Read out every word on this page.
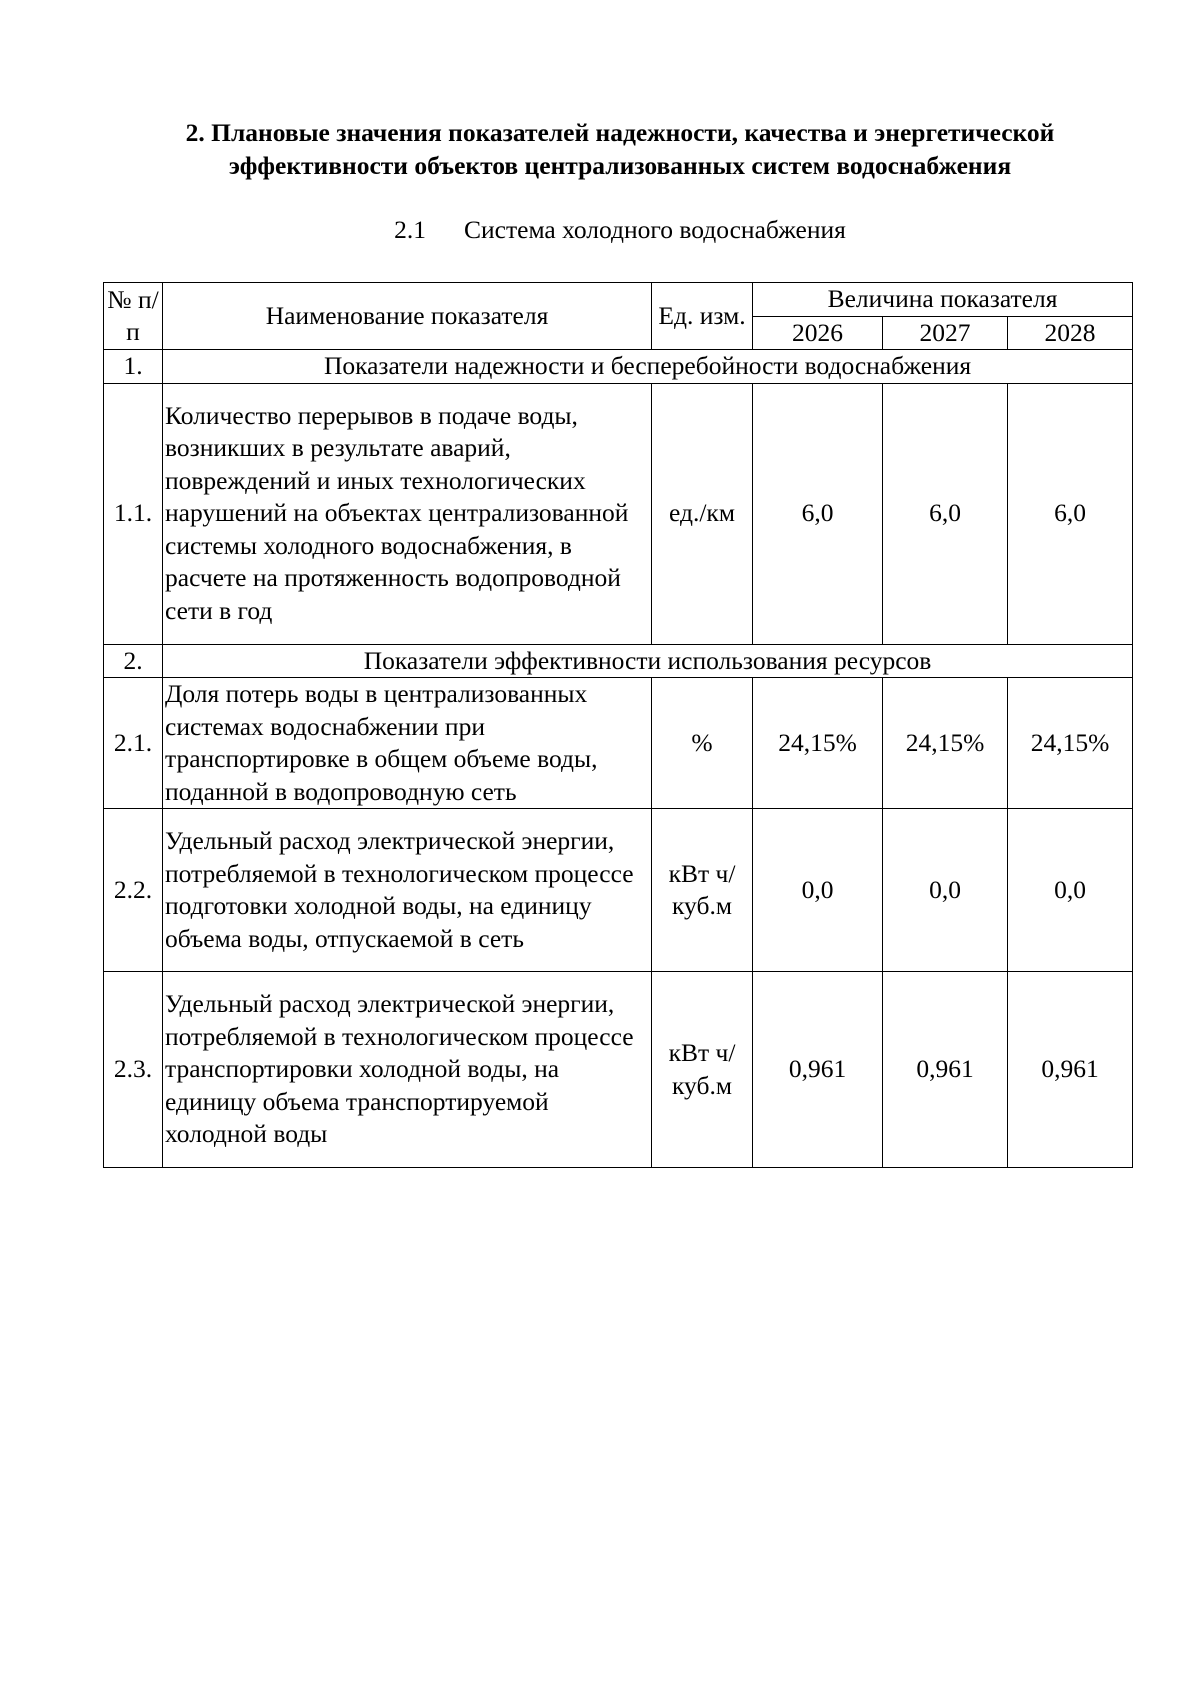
2. Плановые значения показателей надежности, качества и энергетической эффективности объектов централизованных систем водоснабжения
2.1 Система холодного водоснабжения
№ п/п	Наименование показателя	Ед. изм.	Величина показателя		
			2026	2027	2028
1.	Показатели надежности и бесперебойности водоснабжения				
1.1.	Количество перерывов в подаче воды, возникших в результате аварий, повреждений и иных технологических нарушений на объектах централизованной системы холодного водоснабжения, в расчете на протяженность водопроводной сети в год	ед./км	6,0	6,0	6,0
2.	Показатели эффективности использования ресурсов				
2.1.	Доля потерь воды в централизованных системах водоснабжении при транспортировке в общем объеме воды, поданной в водопроводную сеть	%	24,15%	24,15%	24,15%
2.2.	Удельный расход электрической энергии, потребляемой в технологическом процессе подготовки холодной воды, на единицу объема воды, отпускаемой в сеть	кВт ч/куб.м	0,0	0,0	0,0
2.3.	Удельный расход электрической энергии, потребляемой в технологическом процессе транспортировки холодной воды, на единицу объема транспортируемой холодной воды	кВт ч/куб.м	0,961	0,961	0,961
